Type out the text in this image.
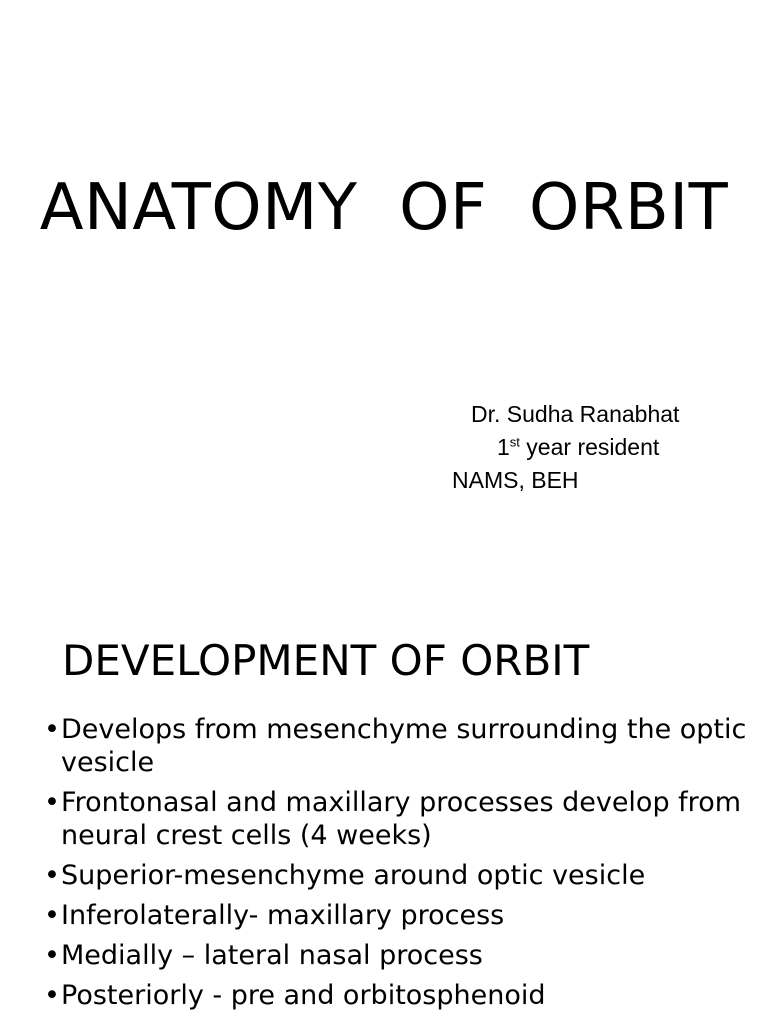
ANATOMY  OF  ORBIT
Dr. Sudha Ranabhat
1st year resident
NAMS, BEH
DEVELOPMENT OF ORBIT
• Develops from mesenchyme surrounding the optic vesicle
• Frontonasal and maxillary processes develop from neural crest cells (4 weeks)
• Superior-mesenchyme around optic vesicle
• Inferolaterally- maxillary process
• Medially – lateral nasal process
• Posteriorly - pre and orbitosphenoid
